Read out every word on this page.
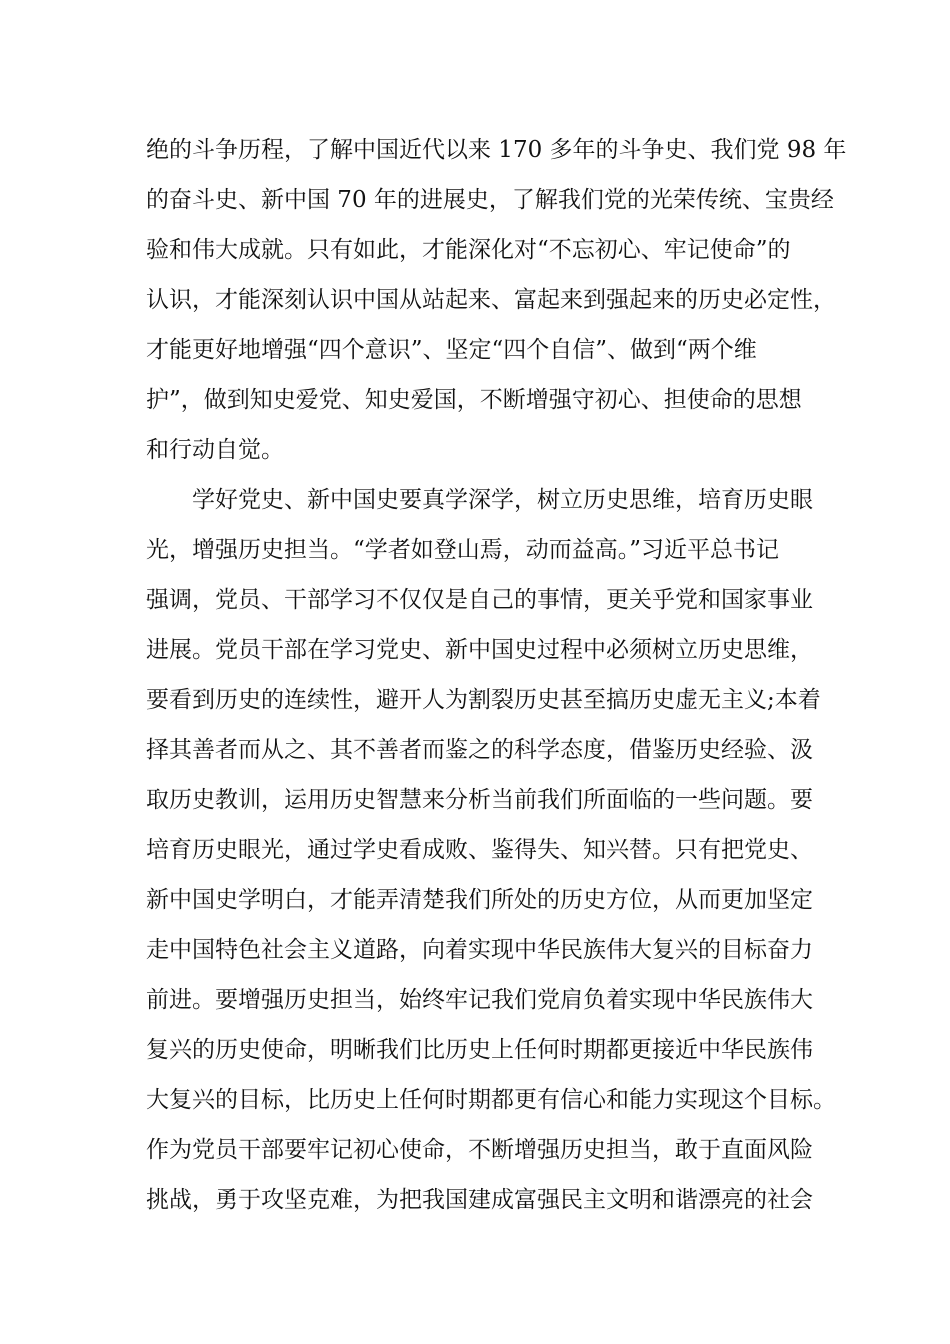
绝的斗争历程，了解中国近代以来 170 多年的斗争史、我们党 98 年
的奋斗史、新中国 70 年的进展史，了解我们党的光荣传统、宝贵经
验和伟大成就。只有如此，才能深化对“不忘初心、牢记使命”的
认识，才能深刻认识中国从站起来、富起来到强起来的历史必定性，
才能更好地增强“四个意识”、坚定“四个自信”、做到“两个维
护”，做到知史爱党、知史爱国，不断增强守初心、担使命的思想
和行动自觉。
学好党史、新中国史要真学深学，树立历史思维，培育历史眼
光，增强历史担当。“学者如登山焉，动而益高。”习近平总书记
强调，党员、干部学习不仅仅是自己的事情，更关乎党和国家事业
进展。党员干部在学习党史、新中国史过程中必须树立历史思维，
要看到历史的连续性，避开人为割裂历史甚至搞历史虚无主义;本着
择其善者而从之、其不善者而鉴之的科学态度，借鉴历史经验、汲
取历史教训，运用历史智慧来分析当前我们所面临的一些问题。要
培育历史眼光，通过学史看成败、鉴得失、知兴替。只有把党史、
新中国史学明白，才能弄清楚我们所处的历史方位，从而更加坚定
走中国特色社会主义道路，向着实现中华民族伟大复兴的目标奋力
前进。要增强历史担当，始终牢记我们党肩负着实现中华民族伟大
复兴的历史使命，明晰我们比历史上任何时期都更接近中华民族伟
大复兴的目标，比历史上任何时期都更有信心和能力实现这个目标。
作为党员干部要牢记初心使命，不断增强历史担当，敢于直面风险
挑战，勇于攻坚克难，为把我国建成富强民主文明和谐漂亮的社会
